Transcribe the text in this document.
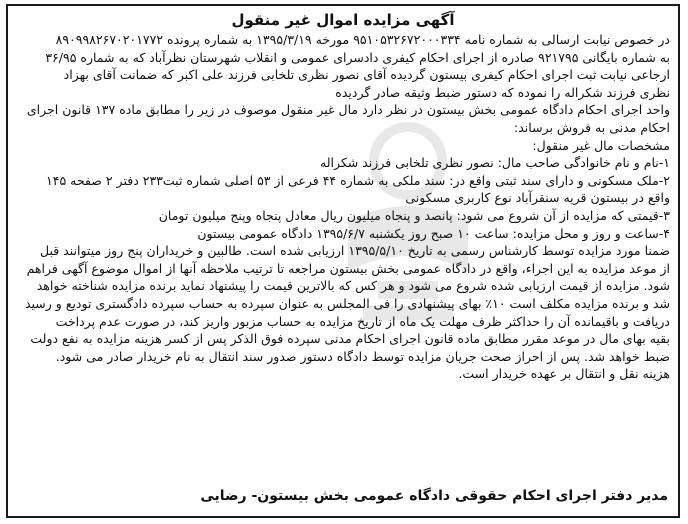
آگهی مزایده اموال غیر منقول
در خصوص نیابت ارسالی به شماره نامه ۹۵۱۰۵۳۲۶۷۲۰۰۰۳۳۴ مورخه ۱۳۹۵/۳/۱۹ به شماره پرونده ۸۹۰۹۹۸۲۶۷۰۲۰۱۷۷۲
به شماره بایگانی ۹۲۱۷۹۵ صادره از اجرای احکام کیفری دادسرای عمومی و انقلاب شهرستان نظرآباد که به شماره ۳۶/۹۵
ارجاعی نیابت ثبت اجرای احکام کیفری بیستون گردیده آقای نصور نظری تلخابی فرزند علی اکبر که ضمانت آقای بهزاد
نظری فرزند شکراله را نموده که دستور ضبط وثیقه صادر گردیده
واحد اجرای احکام دادگاه عمومی بخش بیستون در نظر دارد مال غیر منقول موصوف در زیر را مطابق ماده ۱۳۷ قانون اجرای
احکام مدنی به فروش برساند:
مشخصات مال غیر منقول:
۱-نام و نام خانوادگی صاحب مال: نصور نظری تلخابی فرزند شکراله
۲-ملک مسکونی و دارای سند ثبتی واقع در: سند ملکی به شماره ۴۴ فرعی از ۵۳ اصلی شماره ثبت۲۳۳ دفتر ۲ صفحه ۱۴۵
واقع در بیستون قریه سنقرآباد نوع کاربری مسکونی
۳-قیمتی که مزایده از آن شروع می شود: پانصد و پنجاه میلیون ریال معادل پنجاه وپنج میلیون تومان
۴-ساعت و روز و محل مزایده: ساعت ۱۰ صبح روز یکشنبه ۱۳۹۵/۶/۷ دادگاه عمومی بیستون
ضمنا مورد مزایده توسط کارشناس رسمی به تاریخ ۱۳۹۵/۵/۱۰ ارزیابی شده است. طالبین و خریداران پنج روز میتوانند قبل
از موعد مزایده به این اجراء، واقع در دادگاه عمومی بخش بیستون مراجعه تا ترتیب ملاحظه آنها از اموال موضوع آگهی فراهم
شود. مزایده از قیمت ارزیابی شده شروع می شود و هر کس که بالاترین قیمت را پیشنهاد نماید برنده مزایده شناخته خواهد
شد و برنده مزایده مکلف است ۱۰٪ بهای پیشنهادی را فی المجلس به عنوان سپرده به حساب سپرده دادگستری تودیع و رسید
دریافت و باقیمانده آن را حداکثر ظرف مهلت یک ماه از تاریخ مزایده به حساب مزبور واریز کند، در صورت عدم پرداخت
بقیه بهای مال در موعد مقرر مطابق ماده قانون اجرای احکام مدنی سپرده فوق الذکر پس از کسر هزینه مزایده به نفع دولت
ضبط خواهد شد. پس از احراز صحت جریان مزایده توسط دادگاه دستور صدور سند انتقال به نام خریدار صادر می شود.
هزینه نقل و انتقال بر عهده خریدار است.
مدیر دفتر اجرای احکام حقوقی دادگاه عمومی بخش بیستون- رضایی
